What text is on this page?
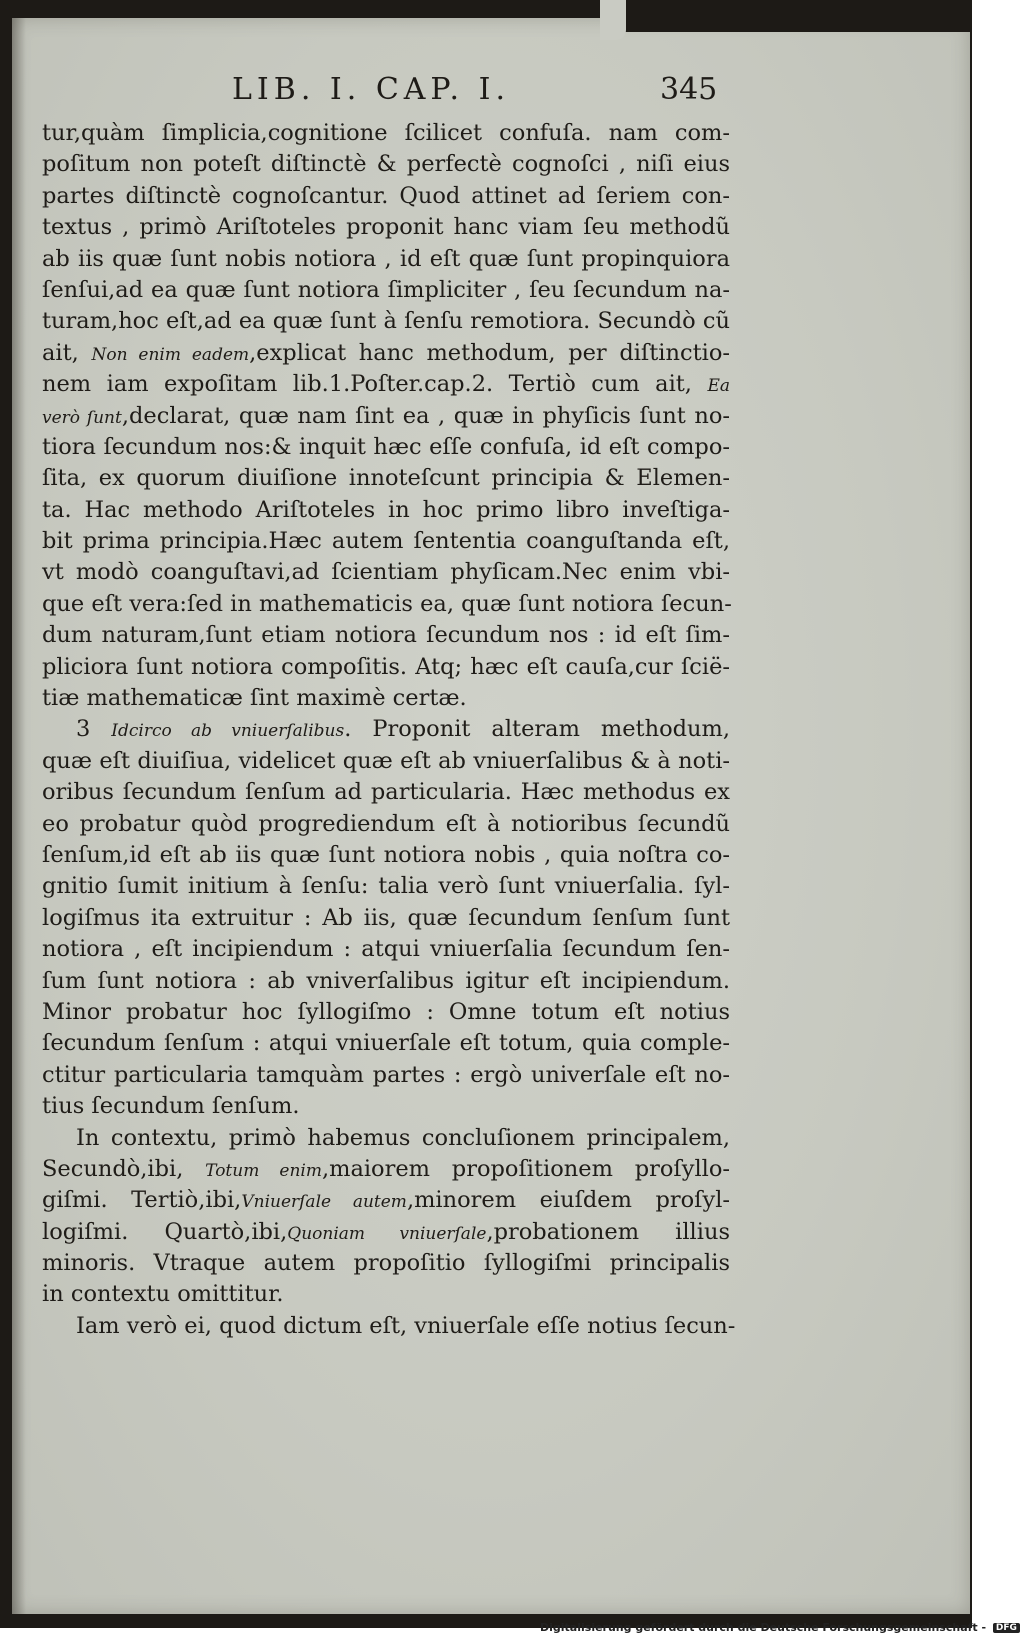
LIB. I. CAP. I.	345
tur,quàm ſimplicia,cognitione ſcilicet confuſa. nam com-
poſitum non poteſt diſtinctè & perfectè cognoſci , niſi eius
partes diſtinctè cognoſcantur. Quod attinet ad ſeriem con-
textus , primò Ariſtoteles proponit hanc viam ſeu methodũ
ab iis quæ ſunt nobis notiora , id eſt quæ ſunt propinquiora
ſenſui,ad ea quæ ſunt notiora ſimpliciter , ſeu ſecundum na-
turam,hoc eſt,ad ea quæ ſunt à ſenſu remotiora. Secundò cũ
ait, Non enim eadem,explicat hanc methodum, per diſtinctio-
nem iam expoſitam lib.1.Poſter.cap.2. Tertiò cum ait, Ea
verò ſunt,declarat, quæ nam ſint ea , quæ in phyſicis ſunt no-
tiora ſecundum nos:& inquit hæc eſſe confuſa, id eſt compo-
ſita, ex quorum diuiſione innoteſcunt principia & Elemen-
ta. Hac methodo Ariſtoteles in hoc primo libro inveſtiga-
bit prima principia.Hæc autem ſententia coanguſtanda eſt,
vt modò coanguſtavi,ad ſcientiam phyſicam.Nec enim vbi-
que eſt vera:ſed in mathematicis ea, quæ ſunt notiora ſecun-
dum naturam,ſunt etiam notiora ſecundum nos : id eſt ſim-
pliciora ſunt notiora compoſitis. Atq; hæc eſt cauſa,cur ſcië-
tiæ mathematicæ ſint maximè certæ.
3 Idcirco ab vniuerſalibus. Proponit alteram methodum,
quæ eſt diuiſiua, videlicet quæ eſt ab vniuerſalibus & à noti-
oribus ſecundum ſenſum ad particularia. Hæc methodus ex
eo probatur quòd progrediendum eſt à notioribus ſecundũ
ſenſum,id eſt ab iis quæ ſunt notiora nobis , quia noſtra co-
gnitio ſumit initium à ſenſu: talia verò ſunt vniuerſalia. ſyl-
logiſmus ita extruitur : Ab iis, quæ ſecundum ſenſum ſunt
notiora , eſt incipiendum : atqui vniuerſalia ſecundum ſen-
ſum ſunt notiora : ab vniverſalibus igitur eſt incipiendum.
Minor probatur hoc ſyllogiſmo : Omne totum eſt notius
ſecundum ſenſum : atqui vniuerſale eſt totum, quia comple-
ctitur particularia tamquàm partes : ergò univerſale eſt no-
tius ſecundum ſenſum.
In contextu, primò habemus concluſionem principalem,
Secundò,ibi, Totum enim,maiorem propoſitionem proſyllo-
giſmi. Tertiò,ibi,Vniuerſale autem,minorem eiuſdem proſyl-
logiſmi. Quartò,ibi,Quoniam vniuerſale,probationem illius
minoris. Vtraque autem propoſitio ſyllogiſmi principalis
in contextu omittitur.
Iam verò ei, quod dictum eſt, vniuerſale eſſe notius ſecun-
Digitalisierung gefördert durch die Deutsche Forschungsgemeinschaft - DFG
